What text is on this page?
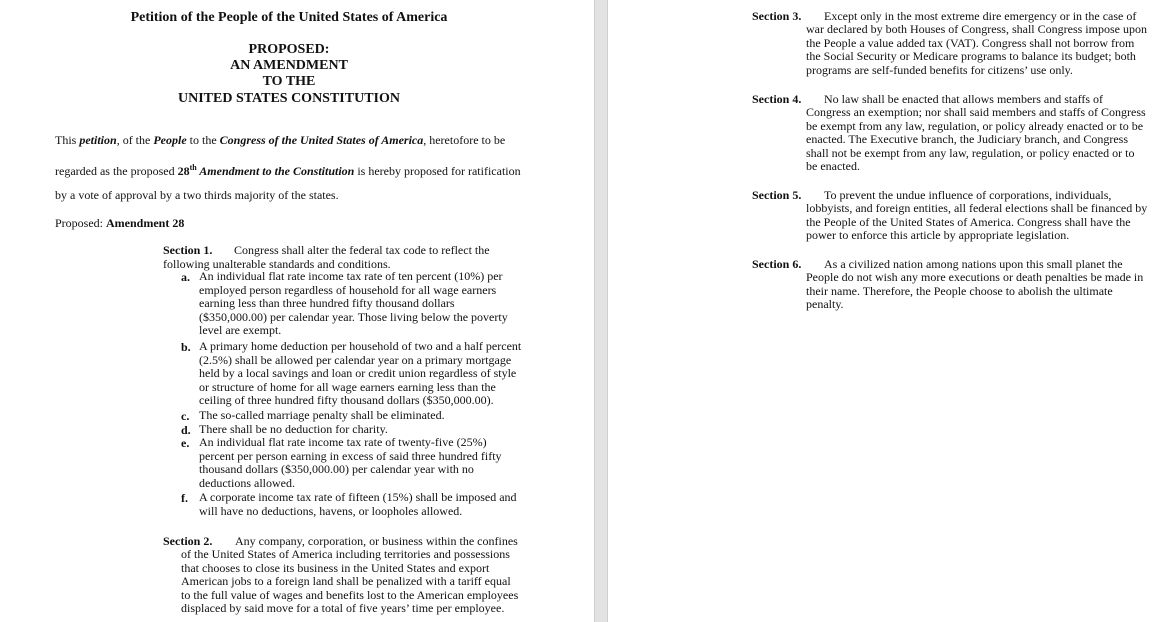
Petition of the People of the United States of America
PROPOSED:
AN AMENDMENT
TO THE
UNITED STATES CONSTITUTION
This petition, of the People to the Congress of the United States of America, heretofore to be
regarded as the proposed 28th Amendment to the Constitution is hereby proposed for ratification
by a vote of approval by a two thirds majority of the states.
Proposed: Amendment 28
Section 1. Congress shall alter the federal tax code to reflect the
following unalterable standards and conditions.
a. An individual flat rate income tax rate of ten percent (10%) per
employed person regardless of household for all wage earners
earning less than three hundred fifty thousand dollars
($350,000.00) per calendar year. Those living below the poverty
level are exempt.
b. A primary home deduction per household of two and a half percent
(2.5%) shall be allowed per calendar year on a primary mortgage
held by a local savings and loan or credit union regardless of style
or structure of home for all wage earners earning less than the
ceiling of three hundred fifty thousand dollars ($350,000.00).
c. The so-called marriage penalty shall be eliminated.
d. There shall be no deduction for charity.
e. An individual flat rate income tax rate of twenty-five (25%)
percent per person earning in excess of said three hundred fifty
thousand dollars ($350,000.00) per calendar year with no
deductions allowed.
f. A corporate income tax rate of fifteen (15%) shall be imposed and
will have no deductions, havens, or loopholes allowed.
Section 2. Any company, corporation, or business within the confines
of the United States of America including territories and possessions
that chooses to close its business in the United States and export
American jobs to a foreign land shall be penalized with a tariff equal
to the full value of wages and benefits lost to the American employees
displaced by said move for a total of five years’ time per employee.
Section 3.	Except only in the most extreme dire emergency or in the case of
war declared by both Houses of Congress, shall Congress impose upon
the People a value added tax (VAT). Congress shall not borrow from
the Social Security or Medicare programs to balance its budget; both
programs are self-funded benefits for citizens’ use only.
Section 4.	No law shall be enacted that allows members and staffs of
Congress an exemption; nor shall said members and staffs of Congress
be exempt from any law, regulation, or policy already enacted or to be
enacted. The Executive branch, the Judiciary branch, and Congress
shall not be exempt from any law, regulation, or policy enacted or to
be enacted.
Section 5.	To prevent the undue influence of corporations, individuals,
lobbyists, and foreign entities, all federal elections shall be financed by
the People of the United States of America. Congress shall have the
power to enforce this article by appropriate legislation.
Section 6.	As a civilized nation among nations upon this small planet the
People do not wish any more executions or death penalties be made in
their name. Therefore, the People choose to abolish the ultimate
penalty.
